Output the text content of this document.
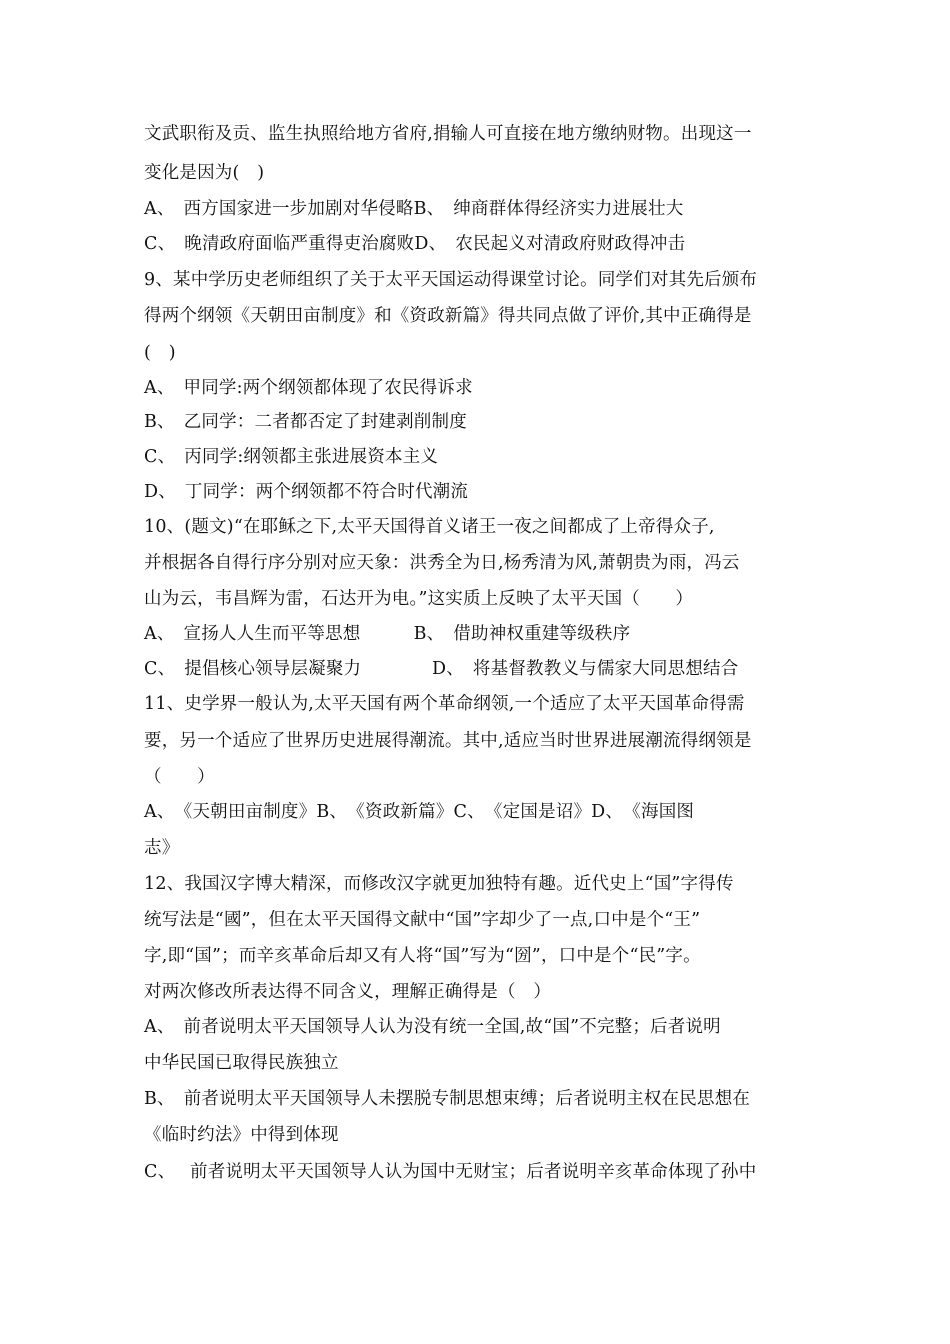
文武职衔及贡、监生执照给地方省府,捐输人可直接在地方缴纳财物。出现这一
变化是因为(　)
A、　西方国家进一步加剧对华侵略B、　绅商群体得经济实力进展壮大
C、　晚清政府面临严重得吏治腐败D、　农民起义对清政府财政得冲击
9、某中学历史老师组织了关于太平天国运动得课堂讨论。同学们对其先后颁布
得两个纲领《天朝田亩制度》和《资政新篇》得共同点做了评价,其中正确得是
(　)
A、　甲同学:两个纲领都体现了农民得诉求
B、　乙同学：二者都否定了封建剥削制度
C、　丙同学:纲领都主张进展资本主义
D、　丁同学：两个纲领都不符合时代潮流
10、(题文)“在耶稣之下,太平天国得首义诸王一夜之间都成了上帝得众子,
并根据各自得行序分别对应天象：洪秀全为日,杨秀清为风,萧朝贵为雨，冯云
山为云，韦昌辉为雷，石达开为电。”这实质上反映了太平天国（　　）
A、　宣扬人人生而平等思想　　　B、　借助神权重建等级秩序
C、　提倡核心领导层凝聚力　　　　D、　将基督教教义与儒家大同思想结合
11、史学界一般认为,太平天国有两个革命纲领,一个适应了太平天国革命得需
要，另一个适应了世界历史进展得潮流。其中,适应当时世界进展潮流得纲领是
（　　）
A、　《天朝田亩制度》B、　《资政新篇》C、　《定国是诏》D、　《海国图
志》
12、我国汉字博大精深，而修改汉字就更加独特有趣。近代史上“国”字得传
统写法是“國”，但在太平天国得文献中“国”字却少了一点,口中是个“王”
字,即“国”；而辛亥革命后却又有人将“国”写为“圀”，口中是个“民”字。
对两次修改所表达得不同含义，理解正确得是（　）
A、　前者说明太平天国领导人认为没有统一全国,故“国”不完整；后者说明
中华民国已取得民族独立
B、　前者说明太平天国领导人未摆脱专制思想束缚；后者说明主权在民思想在
《临时约法》中得到体现
C、　 前者说明太平天国领导人认为国中无财宝；后者说明辛亥革命体现了孙中
